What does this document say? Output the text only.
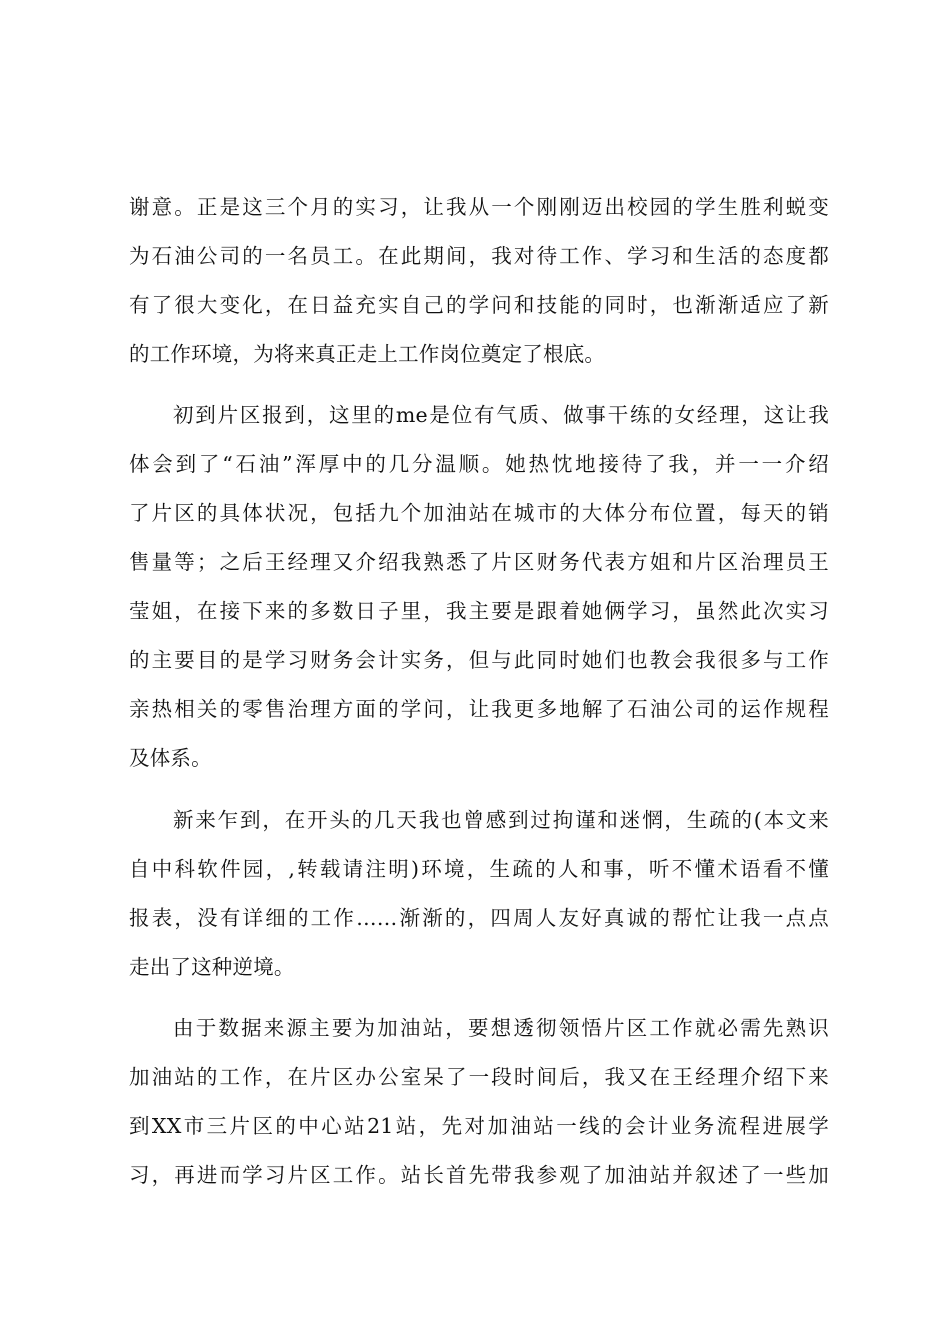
谢意。正是这三个月的实习，让我从一个刚刚迈出校园的学生胜利蜕变
为石油公司的一名员工。在此期间，我对待工作、学习和生活的态度都
有了很大变化，在日益充实自己的学问和技能的同时，也渐渐适应了新
的工作环境，为将来真正走上工作岗位奠定了根底。
初到片区报到，这里的me是位有气质、做事干练的女经理，这让我
体会到了“石油”浑厚中的几分温顺。她热忱地接待了我，并一一介绍
了片区的具体状况，包括九个加油站在城市的大体分布位置，每天的销
售量等；之后王经理又介绍我熟悉了片区财务代表方姐和片区治理员王
莹姐，在接下来的多数日子里，我主要是跟着她俩学习，虽然此次实习
的主要目的是学习财务会计实务，但与此同时她们也教会我很多与工作
亲热相关的零售治理方面的学问，让我更多地解了石油公司的运作规程
及体系。
新来乍到，在开头的几天我也曾感到过拘谨和迷惘，生疏的(本文来
自中科软件园，,转载请注明)环境，生疏的人和事，听不懂术语看不懂
报表，没有详细的工作……渐渐的，四周人友好真诚的帮忙让我一点点
走出了这种逆境。
由于数据来源主要为加油站，要想透彻领悟片区工作就必需先熟识
加油站的工作，在片区办公室呆了一段时间后，我又在王经理介绍下来
到XX市三片区的中心站21站，先对加油站一线的会计业务流程进展学
习，再进而学习片区工作。站长首先带我参观了加油站并叙述了一些加
